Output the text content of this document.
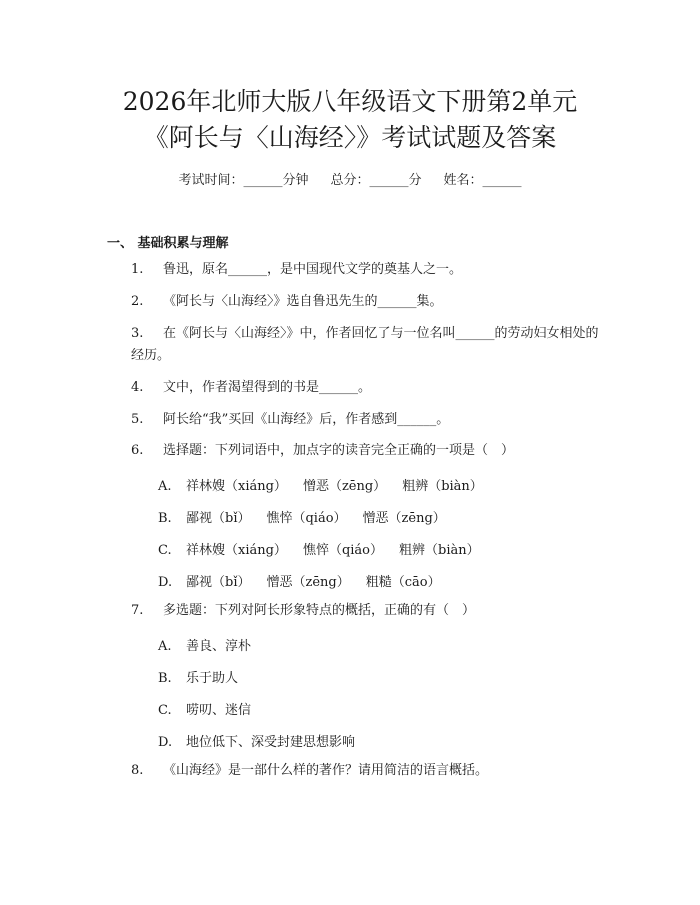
2026年北师大版八年级语文下册第2单元
《阿长与〈山海经〉》考试试题及答案
考试时间：______分钟 总分：______分 姓名：______
一、 基础积累与理解
1. 鲁迅，原名______，是中国现代文学的奠基人之一。
2. 《阿长与〈山海经〉》选自鲁迅先生的______集。
3. 在《阿长与〈山海经〉》中，作者回忆了与一位名叫______的劳动妇女相处的经历。
4. 文中，作者渴望得到的书是______。
5. 阿长给“我”买回《山海经》后，作者感到______。
6. 选择题：下列词语中，加点字的读音完全正确的一项是（　）
A. 祥林嫂（xiáng） 憎恶（zēng） 粗辨（biàn）
B. 鄙视（bǐ） 憔悴（qiáo） 憎恶（zēng）
C. 祥林嫂（xiáng） 憔悴（qiáo） 粗辨（biàn）
D. 鄙视（bǐ） 憎恶（zēng） 粗糙（cāo）
7. 多选题：下列对阿长形象特点的概括，正确的有（　）
A. 善良、淳朴
B. 乐于助人
C. 唠叨、迷信
D. 地位低下、深受封建思想影响
8. 《山海经》是一部什么样的著作？请用简洁的语言概括。
